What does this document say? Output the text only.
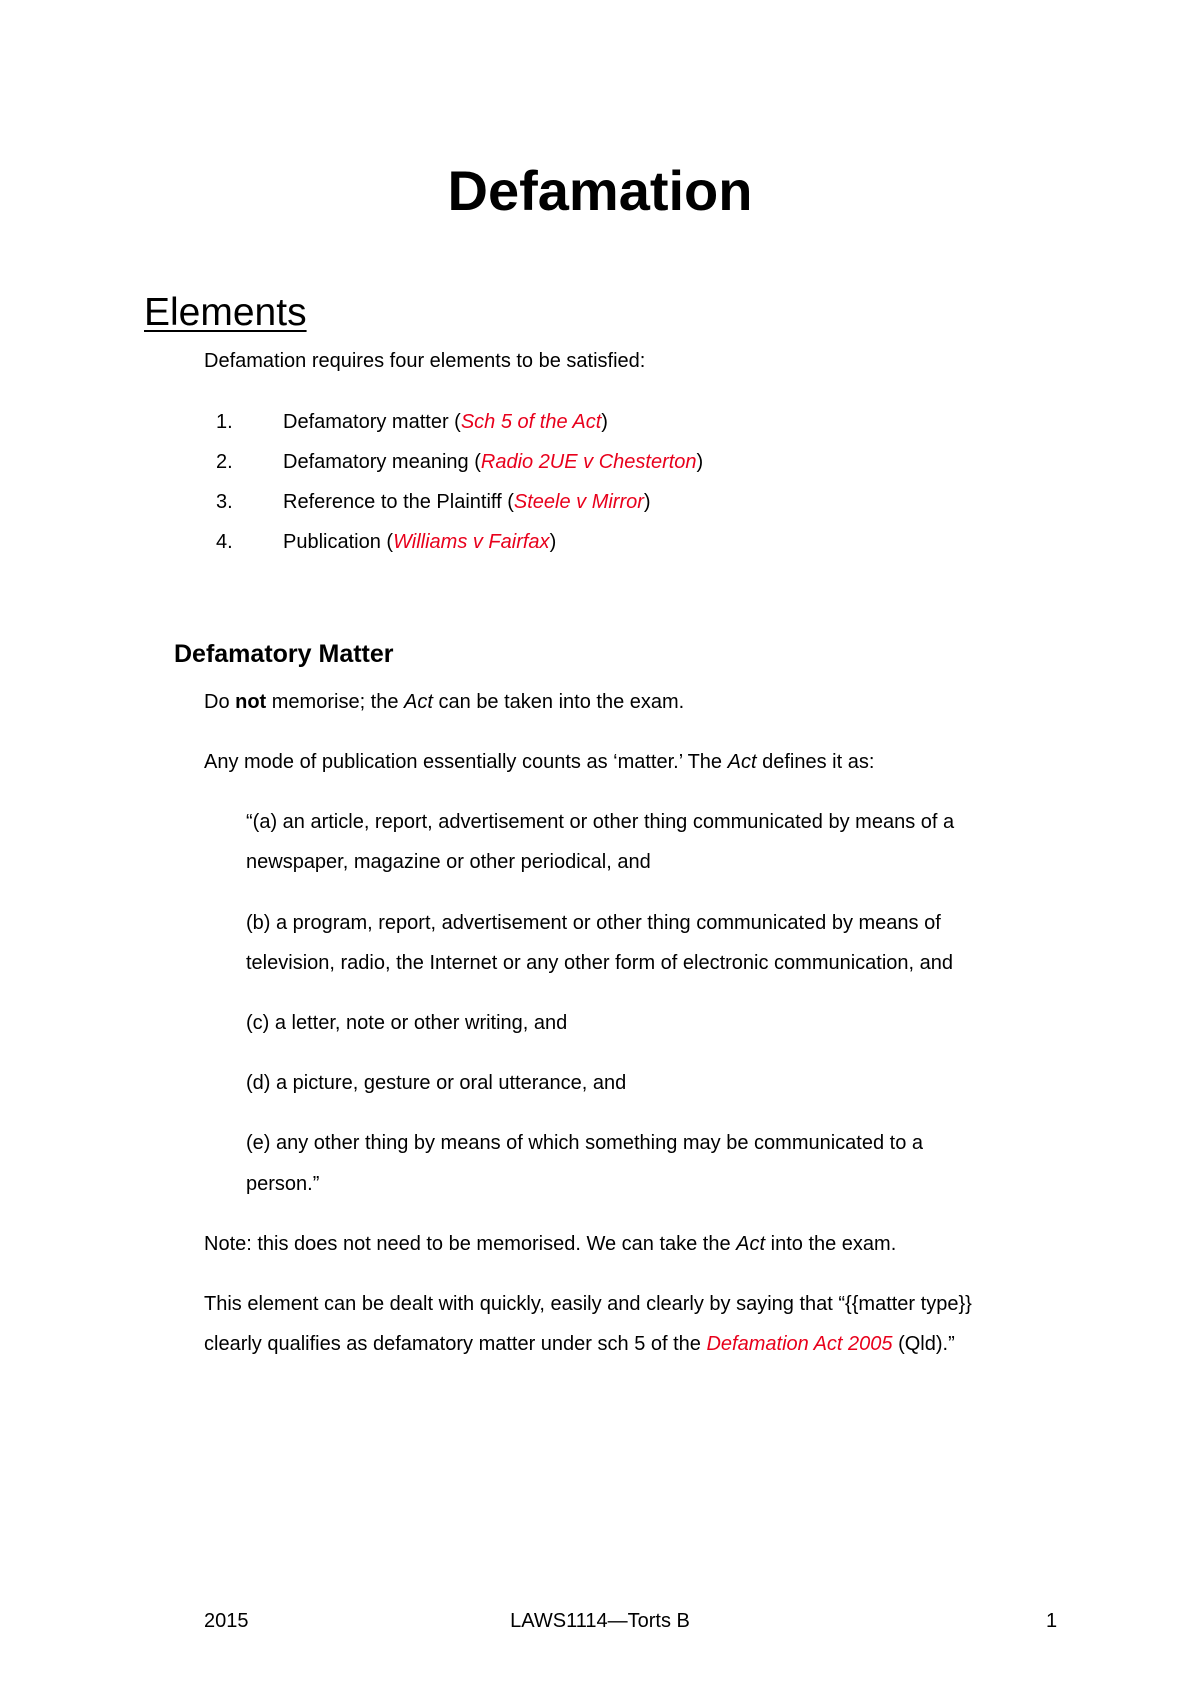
Defamation
Elements

Defamation requires four elements to be satisfied:

1.	Defamatory matter (Sch 5 of the Act)

2.	Defamatory meaning (Radio 2UE v Chesterton)

3.	Reference to the Plaintiff (Steele v Mirror)

4.	Publication (Williams v Fairfax)

Defamatory Matter

Do not memorise; the Act can be taken into the exam.

Any mode of publication essentially counts as ‘matter.’ The Act defines it as:

“(a) an article, report, advertisement or other thing communicated by means of a

newspaper, magazine or other periodical, and

(b) a program, report, advertisement or other thing communicated by means of

television, radio, the Internet or any other form of electronic communication, and

(c) a letter, note or other writing, and

(d) a picture, gesture or oral utterance, and

(e) any other thing by means of which something may be communicated to a

person.”

Note: this does not need to be memorised. We can take the Act into the exam.

This element can be dealt with quickly, easily and clearly by saying that “{{matter type}}

clearly qualifies as defamatory matter under sch 5 of the Defamation Act 2005 (Qld).”

2015	LAWS1114—Torts B	1
